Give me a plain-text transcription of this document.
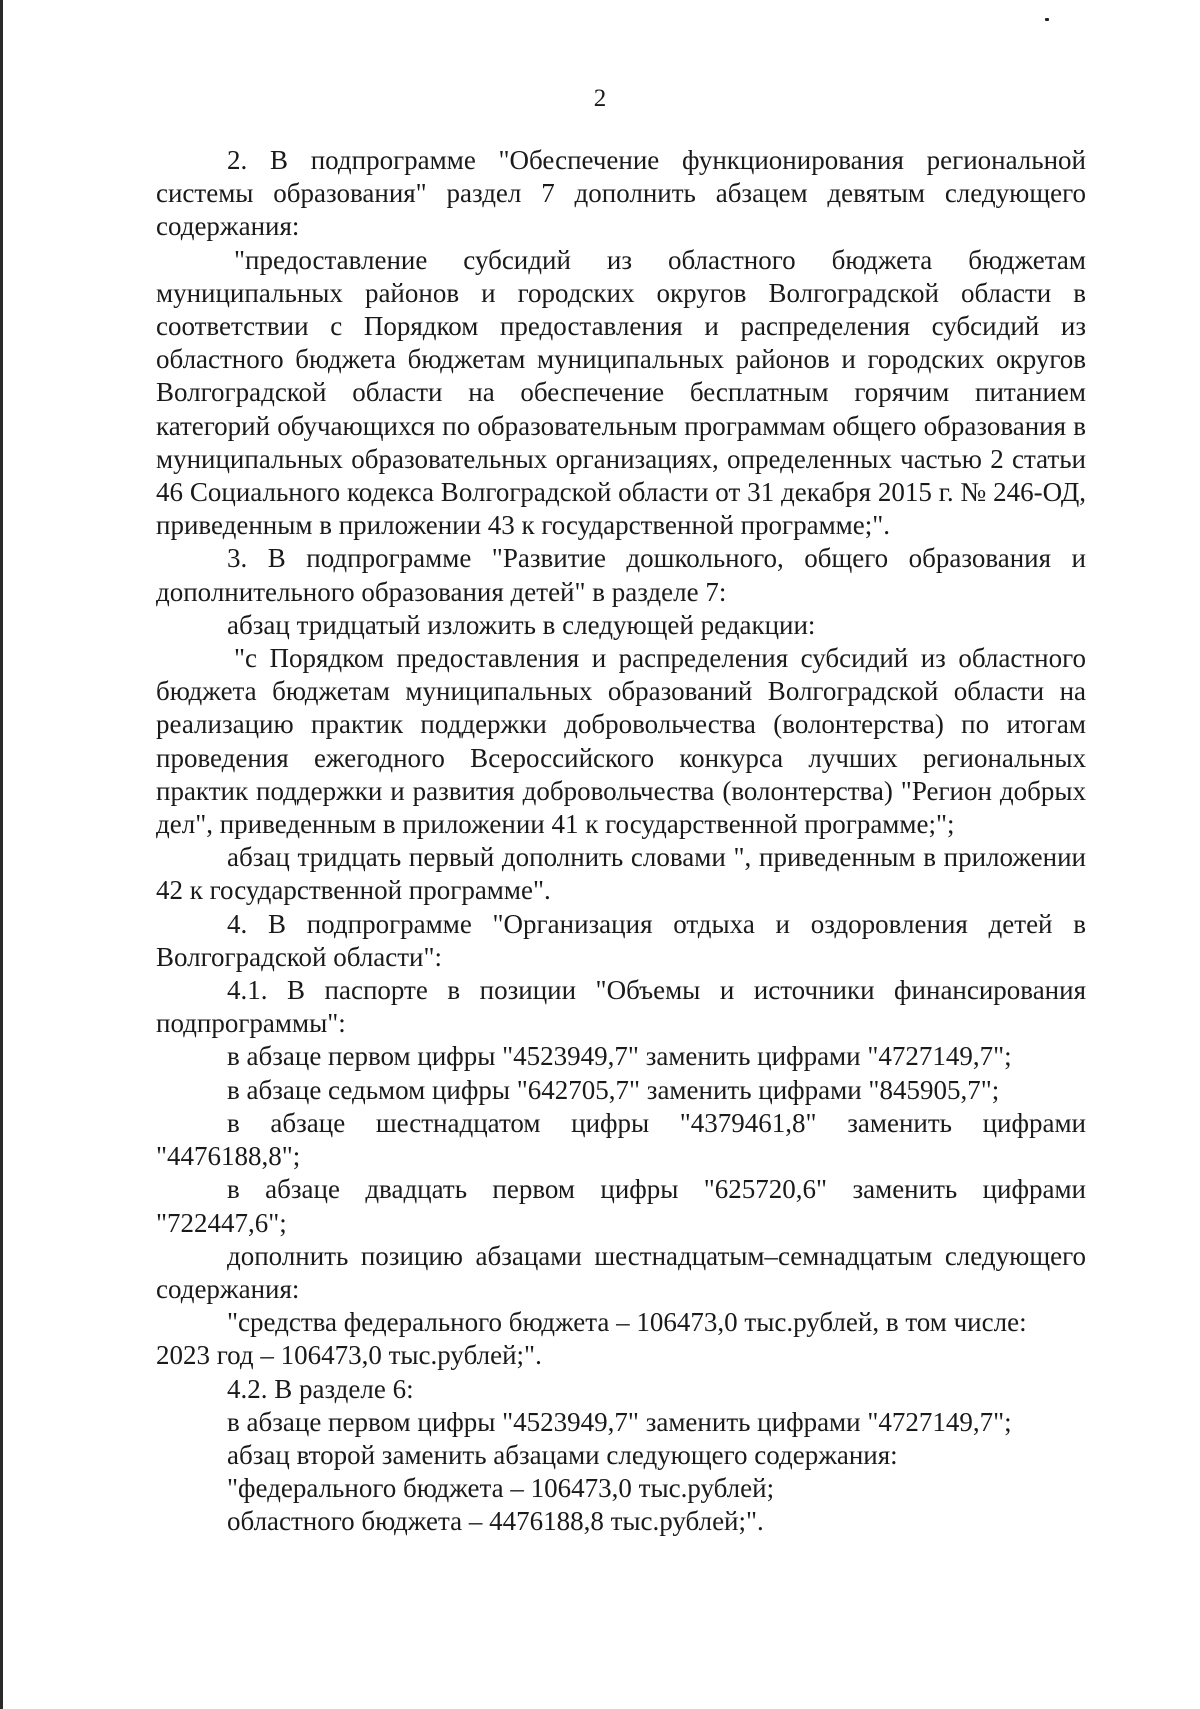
2

2. В подпрограмме "Обеспечение функционирования региональной системы образования" раздел 7 дополнить абзацем девятым следующего содержания:

"предоставление субсидий из областного бюджета бюджетам муниципальных районов и городских округов Волгоградской области в соответствии с Порядком предоставления и распределения субсидий из областного бюджета бюджетам муниципальных районов и городских округов Волгоградской области на обеспечение бесплатным горячим питанием категорий обучающихся по образовательным программам общего образования в муниципальных образовательных организациях, определенных частью 2 статьи 46 Социального кодекса Волгоградской области от 31 декабря 2015 г. № 246-ОД, приведенным в приложении 43 к государственной программе;".

3. В подпрограмме "Развитие дошкольного, общего образования и дополнительного образования детей" в разделе 7:

абзац тридцатый изложить в следующей редакции:

"с Порядком предоставления и распределения субсидий из областного бюджета бюджетам муниципальных образований Волгоградской области на реализацию практик поддержки добровольчества (волонтерства) по итогам проведения ежегодного Всероссийского конкурса лучших региональных практик поддержки и развития добровольчества (волонтерства) "Регион добрых дел", приведенным в приложении 41 к государственной программе;";

абзац тридцать первый дополнить словами ", приведенным в приложении 42 к государственной программе".

4. В подпрограмме "Организация отдыха и оздоровления детей в Волгоградской области":

4.1. В паспорте в позиции "Объемы и источники финансирования подпрограммы":

в абзаце первом цифры "4523949,7" заменить цифрами "4727149,7";

в абзаце седьмом цифры "642705,7" заменить цифрами "845905,7";

в абзаце шестнадцатом цифры "4379461,8" заменить цифрами "4476188,8";

в абзаце двадцать первом цифры "625720,6" заменить цифрами "722447,6";

дополнить позицию абзацами шестнадцатым–семнадцатым следующего содержания:

"средства федерального бюджета – 106473,0 тыс.рублей, в том числе:

2023 год – 106473,0 тыс.рублей;".

4.2. В разделе 6:

в абзаце первом цифры "4523949,7" заменить цифрами "4727149,7";

абзац второй заменить абзацами следующего содержания:

"федерального бюджета – 106473,0 тыс.рублей;

областного бюджета – 4476188,8 тыс.рублей;".
